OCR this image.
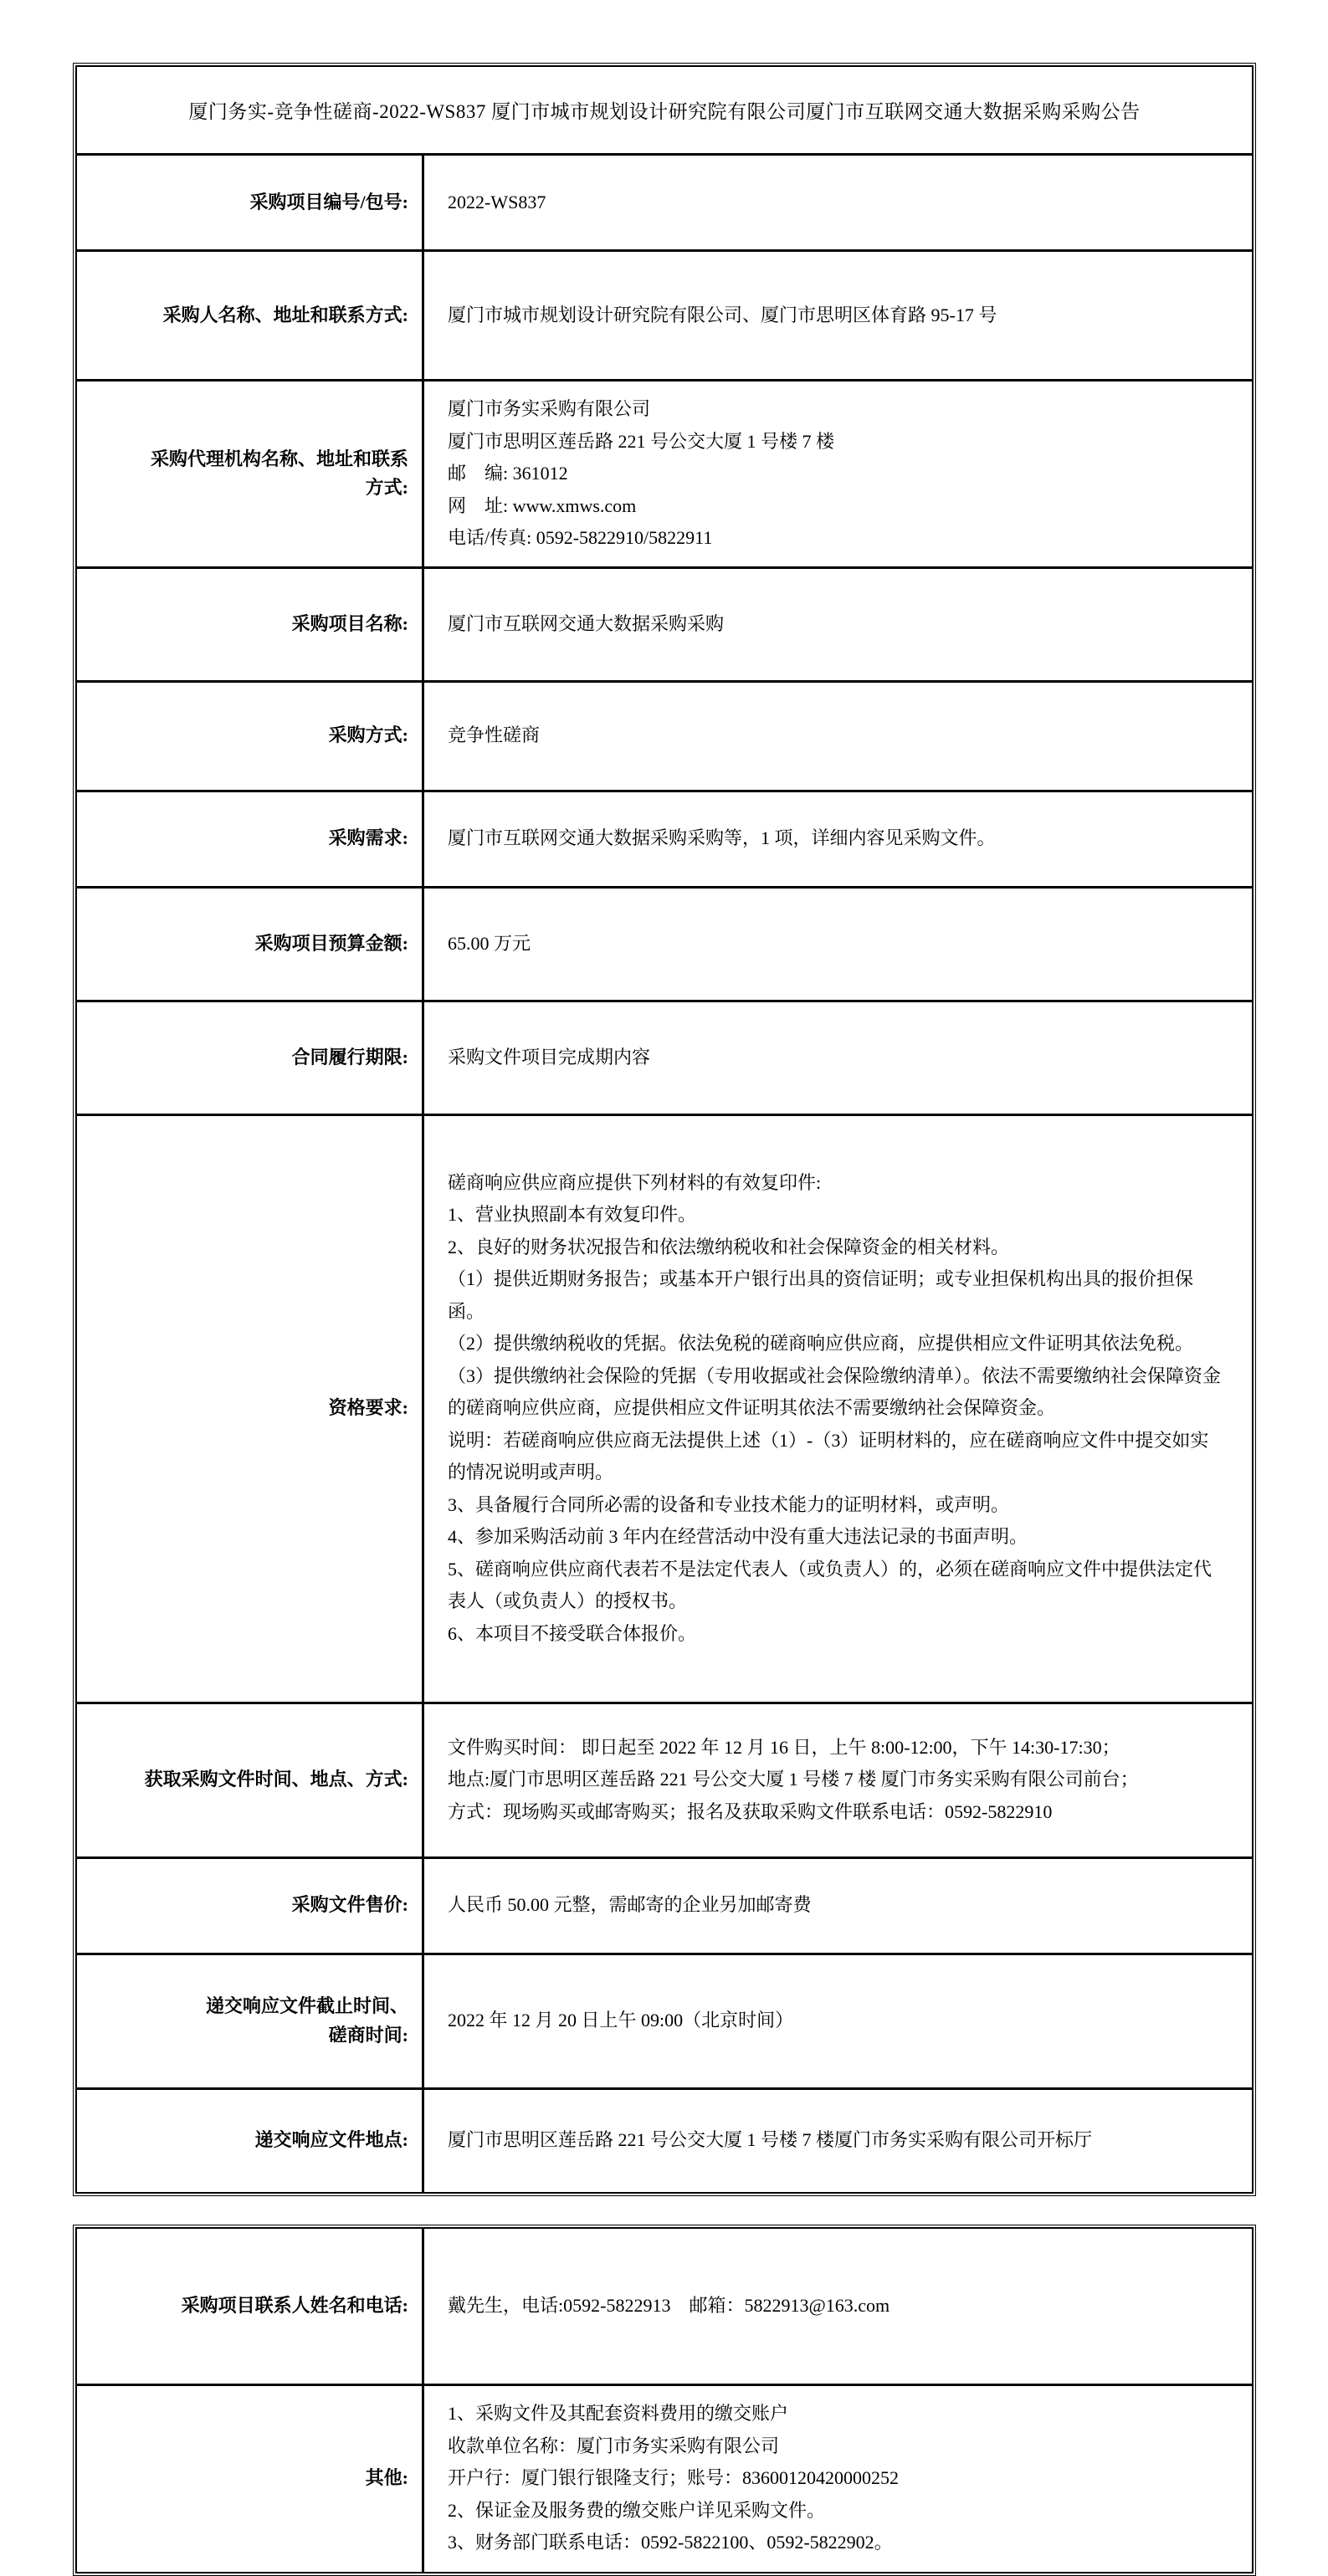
厦门务实-竞争性磋商-2022-WS837 厦门市城市规划设计研究院有限公司厦门市互联网交通大数据采购采购公告
采购项目编号/包号: 2022-WS837
采购人名称、地址和联系方式: 厦门市城市规划设计研究院有限公司、厦门市思明区体育路 95-17 号
采购代理机构名称、地址和联系
方式:
厦门市务实采购有限公司
厦门市思明区莲岳路 221 号公交大厦 1 号楼 7 楼
邮　编: 361012
网　址: www.xmws.com
电话/传真: 0592-5822910/5822911
采购项目名称: 厦门市互联网交通大数据采购采购
采购方式: 竞争性磋商
采购需求: 厦门市互联网交通大数据采购采购等，1 项，详细内容见采购文件。
采购项目预算金额: 65.00 万元
合同履行期限: 采购文件项目完成期内容
资格要求:
磋商响应供应商应提供下列材料的有效复印件:
1、营业执照副本有效复印件。
2、良好的财务状况报告和依法缴纳税收和社会保障资金的相关材料。
（1）提供近期财务报告；或基本开户银行出具的资信证明；或专业担保机构出具的报价担保函。
（2）提供缴纳税收的凭据。依法免税的磋商响应供应商，应提供相应文件证明其依法免税。
（3）提供缴纳社会保险的凭据（专用收据或社会保险缴纳清单）。依法不需要缴纳社会保障资金的磋商响应供应商，应提供相应文件证明其依法不需要缴纳社会保障资金。
说明：若磋商响应供应商无法提供上述（1）-（3）证明材料的，应在磋商响应文件中提交如实的情况说明或声明。
3、具备履行合同所必需的设备和专业技术能力的证明材料，或声明。
4、参加采购活动前 3 年内在经营活动中没有重大违法记录的书面声明。
5、磋商响应供应商代表若不是法定代表人（或负责人）的，必须在磋商响应文件中提供法定代表人（或负责人）的授权书。
6、本项目不接受联合体报价。
获取采购文件时间、地点、方式:
文件购买时间： 即日起至 2022 年 12 月 16 日，上午 8:00-12:00，下午 14:30-17:30；
地点:厦门市思明区莲岳路 221 号公交大厦 1 号楼 7 楼 厦门市务实采购有限公司前台；
方式：现场购买或邮寄购买；报名及获取采购文件联系电话：0592-5822910
采购文件售价: 人民币 50.00 元整，需邮寄的企业另加邮寄费
递交响应文件截止时间、
磋商时间:
2022 年 12 月 20 日上午 09:00（北京时间）
递交响应文件地点: 厦门市思明区莲岳路 221 号公交大厦 1 号楼 7 楼厦门市务实采购有限公司开标厅
采购项目联系人姓名和电话: 戴先生，电话:0592-5822913　邮箱：5822913@163.com
其他:
1、采购文件及其配套资料费用的缴交账户
收款单位名称：厦门市务实采购有限公司
开户行：厦门银行银隆支行；账号：83600120420000252
2、保证金及服务费的缴交账户详见采购文件。
3、财务部门联系电话：0592-5822100、0592-5822902。
